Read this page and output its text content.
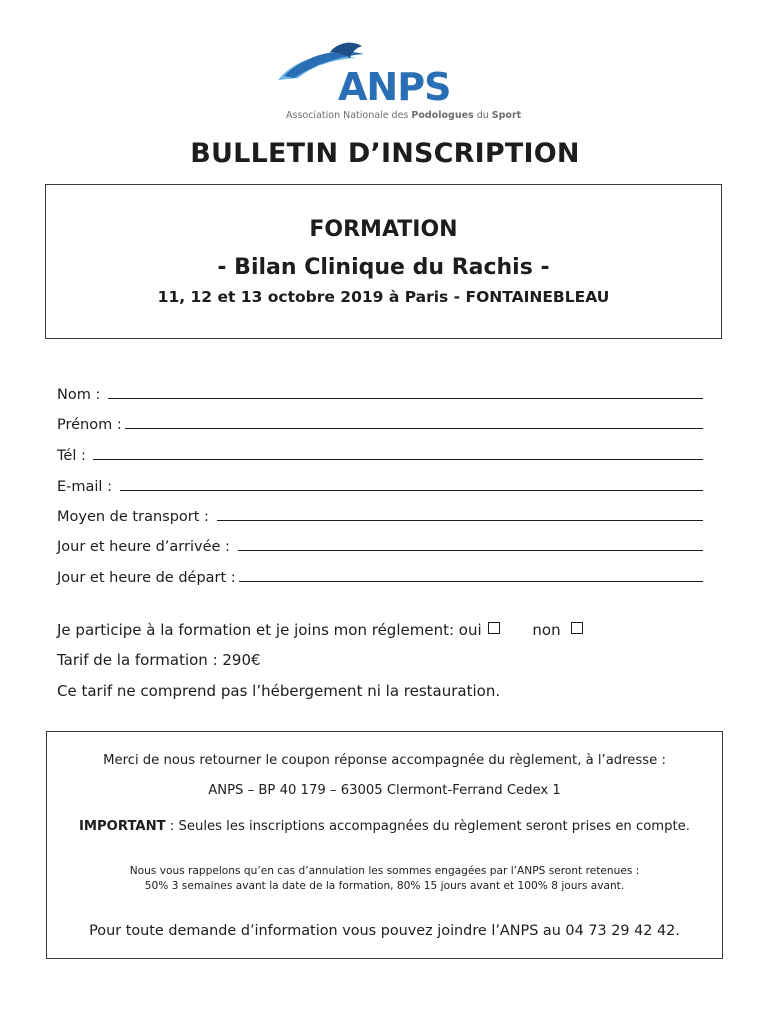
ANPS
Association Nationale des Podologues du Sport
BULLETIN D’INSCRIPTION
FORMATION
- Bilan Clinique du Rachis -
11, 12 et 13 octobre 2019 à Paris - FONTAINEBLEAU
Nom :
Prénom :
Tél :
E-mail :
Moyen de transport :
Jour et heure d’arrivée :
Jour et heure de départ :
Je participe à la formation et je joins mon réglement: oui	non
Tarif de la formation : 290€
Ce tarif ne comprend pas l’hébergement ni la restauration.
Merci de nous retourner le coupon réponse accompagnée du règlement, à l’adresse :
ANPS – BP 40 179 – 63005 Clermont-Ferrand Cedex 1
IMPORTANT : Seules les inscriptions accompagnées du règlement seront prises en compte.
Nous vous rappelons qu’en cas d’annulation les sommes engagées par l’ANPS seront retenues :
50% 3 semaines avant la date de la formation, 80% 15 jours avant et 100% 8 jours avant.
Pour toute demande d’information vous pouvez joindre l’ANPS au 04 73 29 42 42.
